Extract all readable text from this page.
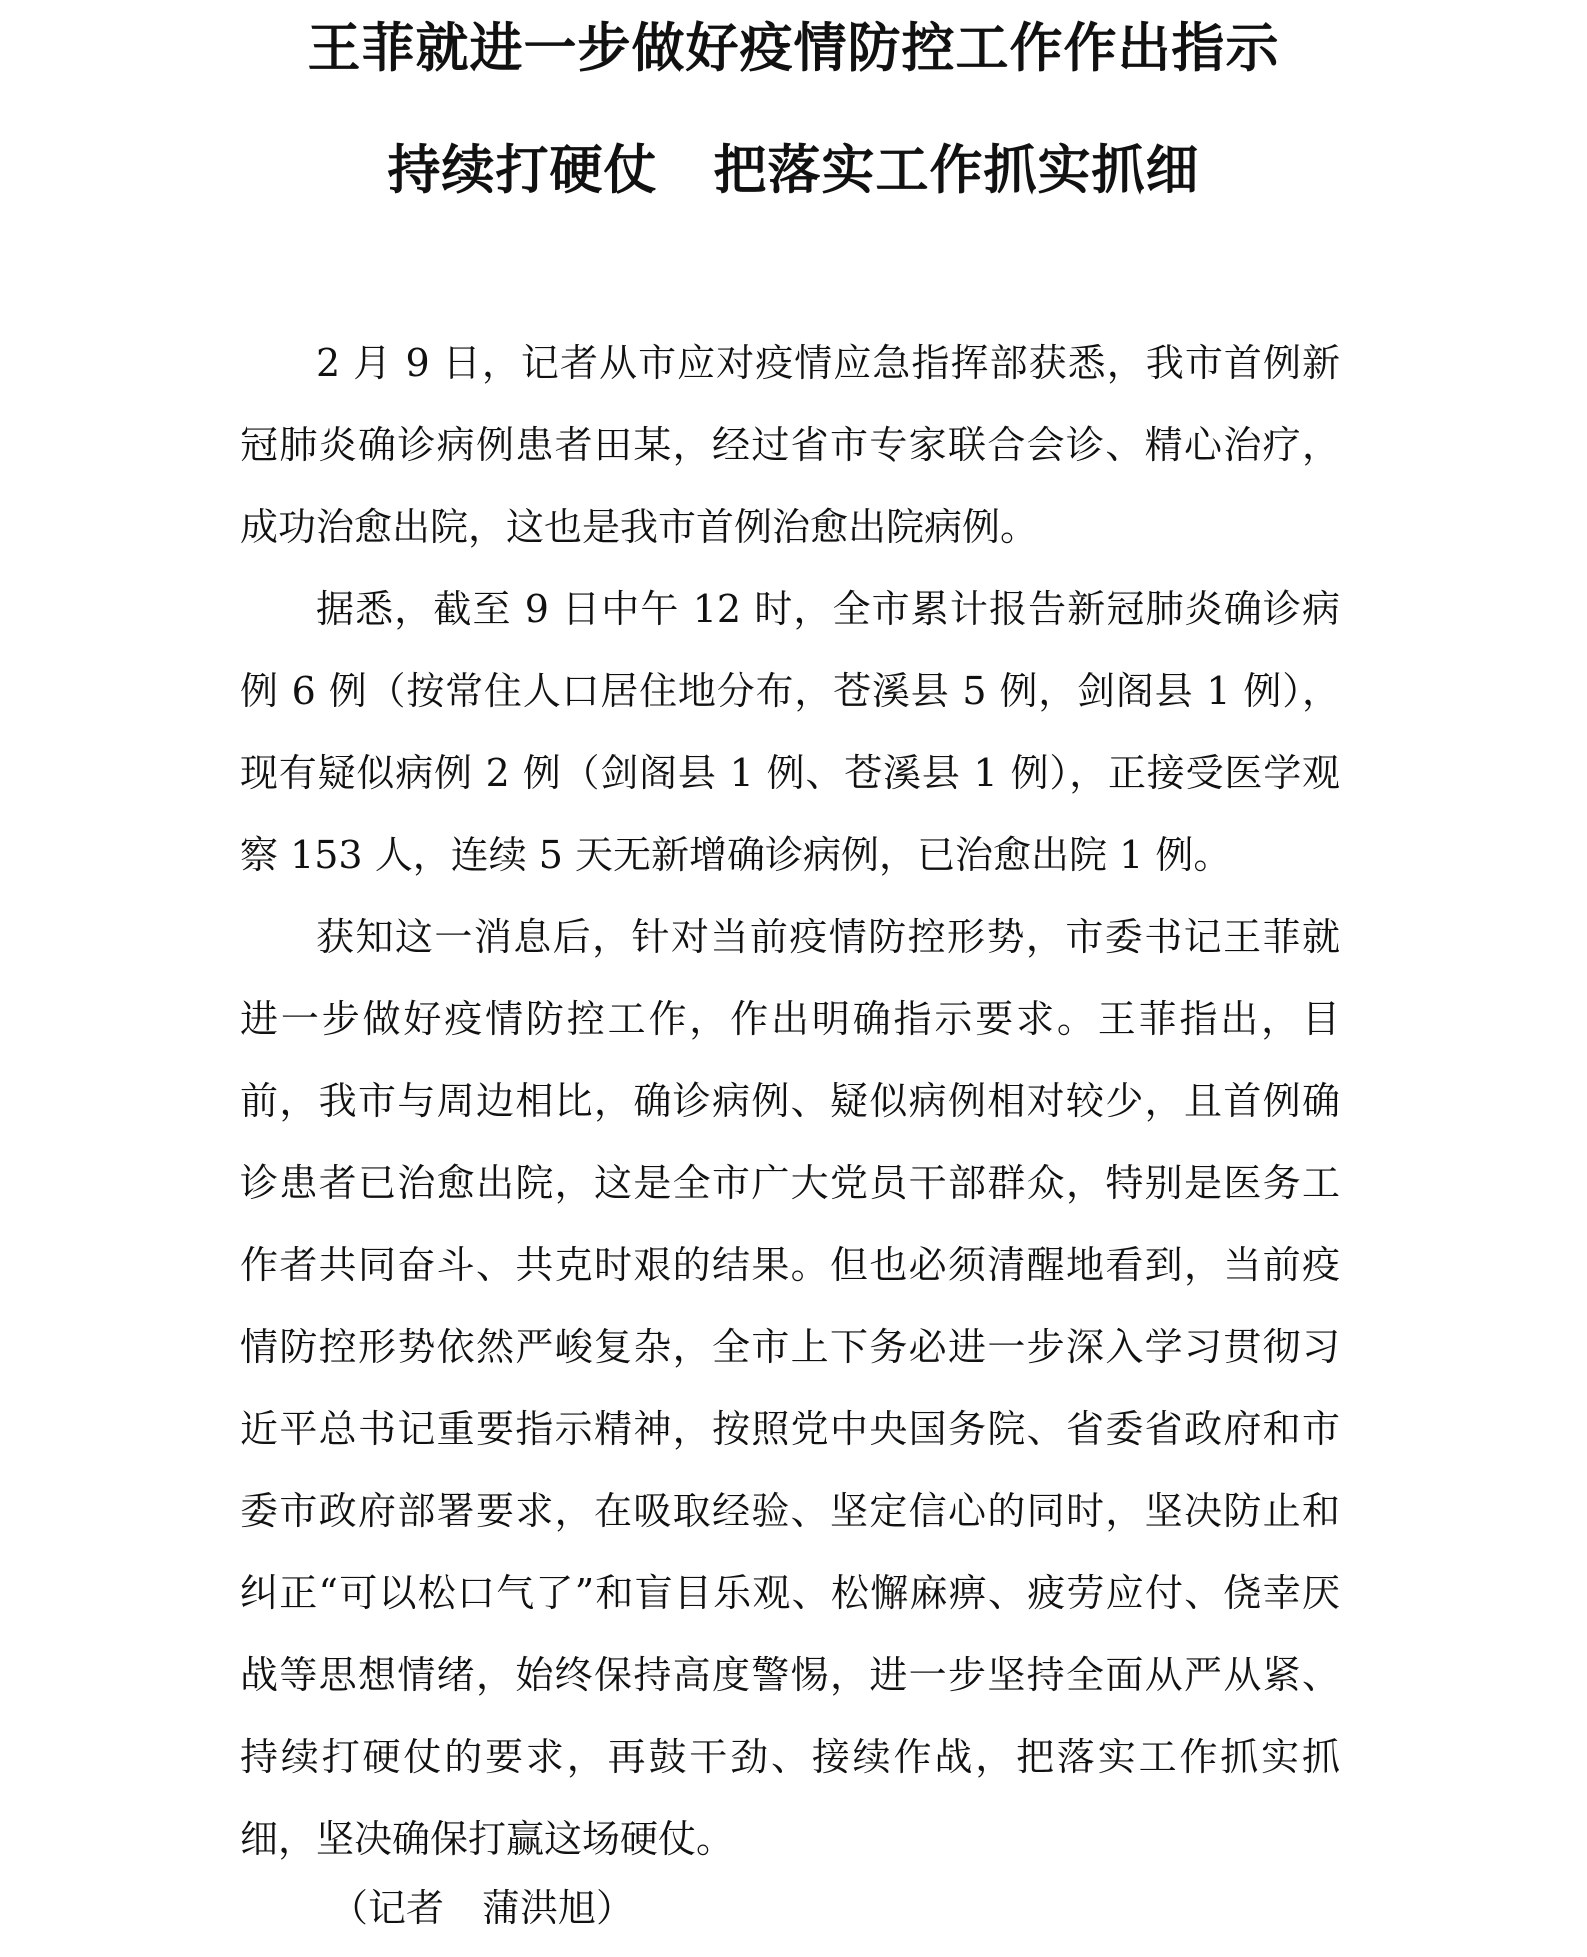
王菲就进一步做好疫情防控工作作出指示
持续打硬仗 把落实工作抓实抓细

2 月 9 日，记者从市应对疫情应急指挥部获悉，我市首例新冠肺炎确诊病例患者田某，经过省市专家联合会诊、精心治疗，成功治愈出院，这也是我市首例治愈出院病例。

据悉，截至 9 日中午 12 时，全市累计报告新冠肺炎确诊病例 6 例（按常住人口居住地分布，苍溪县 5 例，剑阁县 1 例），现有疑似病例 2 例（剑阁县 1 例、苍溪县 1 例），正接受医学观察 153 人，连续 5 天无新增确诊病例，已治愈出院 1 例。

获知这一消息后，针对当前疫情防控形势，市委书记王菲就进一步做好疫情防控工作，作出明确指示要求。王菲指出，目前，我市与周边相比，确诊病例、疑似病例相对较少，且首例确诊患者已治愈出院，这是全市广大党员干部群众，特别是医务工作者共同奋斗、共克时艰的结果。但也必须清醒地看到，当前疫情防控形势依然严峻复杂，全市上下务必进一步深入学习贯彻习近平总书记重要指示精神，按照党中央国务院、省委省政府和市委市政府部署要求，在吸取经验、坚定信心的同时，坚决防止和纠正“可以松口气了”和盲目乐观、松懈麻痹、疲劳应付、侥幸厌战等思想情绪，始终保持高度警惕，进一步坚持全面从严从紧、持续打硬仗的要求，再鼓干劲、接续作战，把落实工作抓实抓细，坚决确保打赢这场硬仗。

（记者　蒲洪旭）
